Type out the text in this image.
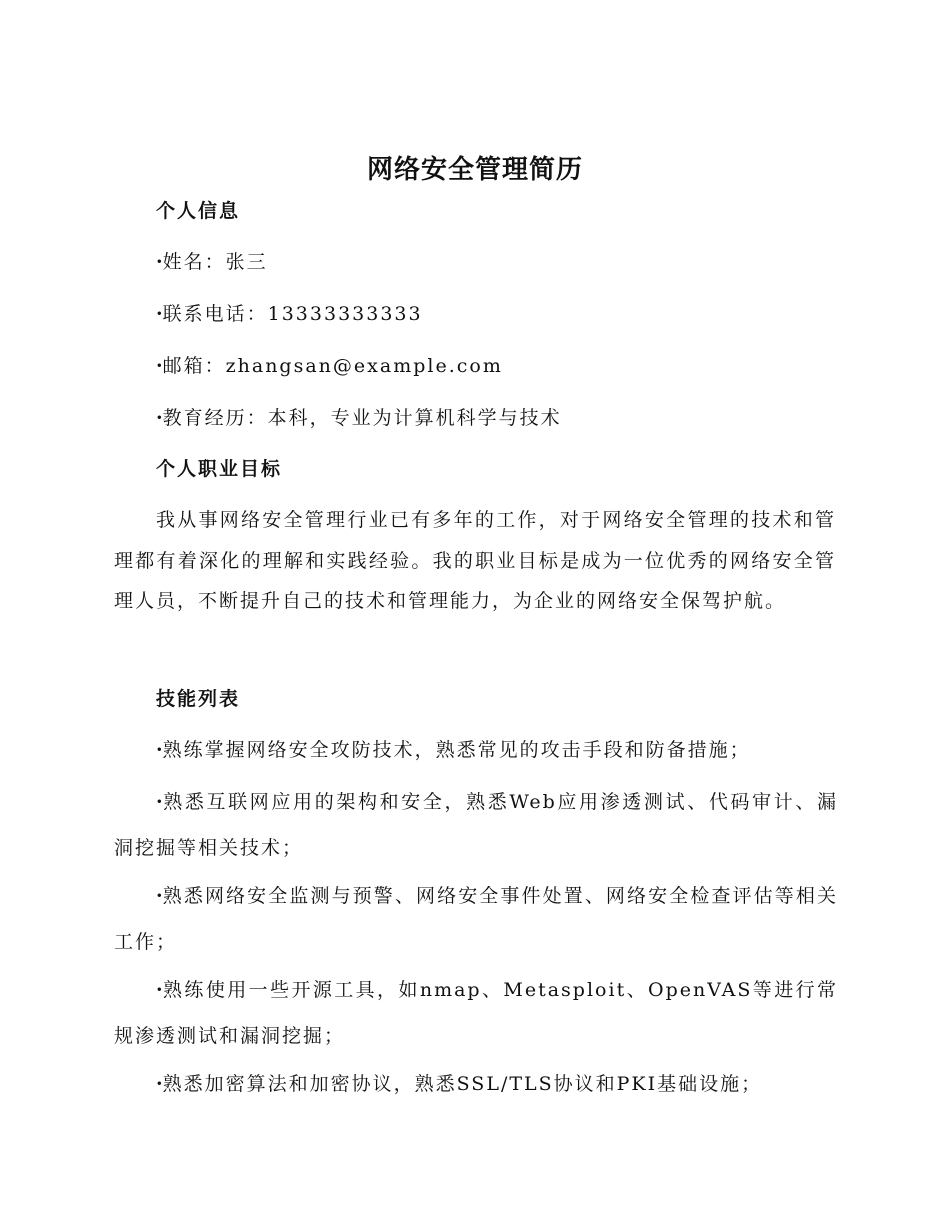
网络安全管理简历
个人信息
·姓名：张三
·联系电话：13333333333
·邮箱：zhangsan@example.com
·教育经历：本科，专业为计算机科学与技术
个人职业目标

我从事网络安全管理行业已有多年的工作，对于网络安全管理的技术和管理都有着深化的理解和实践经验。我的职业目标是成为一位优秀的网络安全管理人员，不断提升自己的技术和管理能力，为企业的网络安全保驾护航。

技能列表

·熟练掌握网络安全攻防技术，熟悉常见的攻击手段和防备措施；

·熟悉互联网应用的架构和安全，熟悉Web应用渗透测试、代码审计、漏洞挖掘等相关技术；

·熟悉网络安全监测与预警、网络安全事件处置、网络安全检查评估等相关工作；

·熟练使用一些开源工具，如nmap、Metasploit、OpenVAS等进行常规渗透测试和漏洞挖掘；

·熟悉加密算法和加密协议，熟悉SSL/TLS协议和PKI基础设施；
